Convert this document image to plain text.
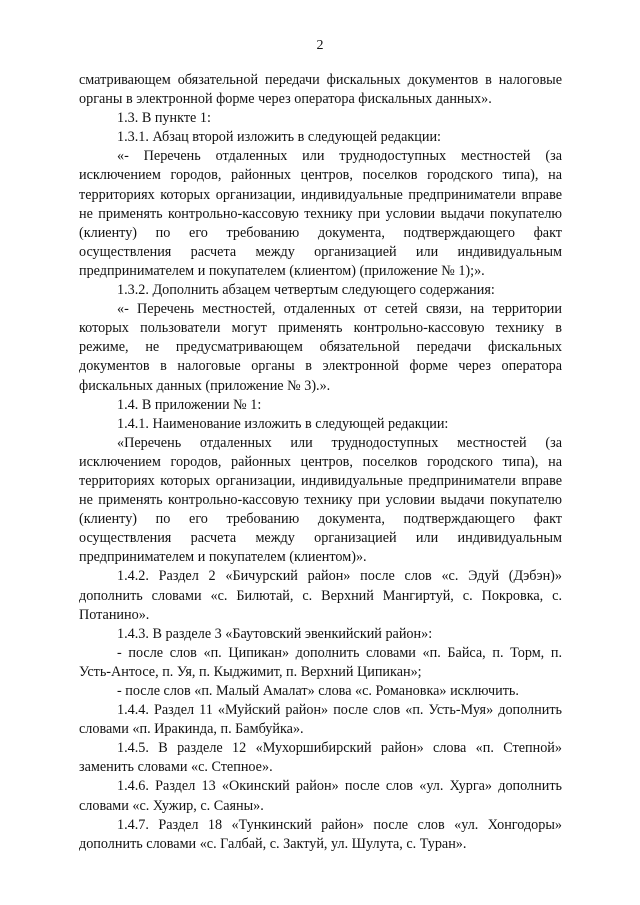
2

сматривающем обязательной передачи фискальных документов в налоговые органы в электронной форме через оператора фискальных данных».

1.3. В пункте 1:

1.3.1. Абзац второй изложить в следующей редакции:

«- Перечень отдаленных или труднодоступных местностей (за исключением городов, районных центров, поселков городского типа), на территориях которых организации, индивидуальные предприниматели вправе не применять контрольно-кассовую технику при условии выдачи покупателю (клиенту) по его требованию документа, подтверждающего факт осуществления расчета между организацией или индивидуальным предпринимателем и покупателем (клиентом) (приложение № 1);».

1.3.2. Дополнить абзацем четвертым следующего содержания:

«- Перечень местностей, отдаленных от сетей связи, на территории которых пользователи могут применять контрольно-кассовую технику в режиме, не предусматривающем обязательной передачи фискальных документов в налоговые органы в электронной форме через оператора фискальных данных (приложение № 3).».

1.4. В приложении № 1:

1.4.1. Наименование изложить в следующей редакции:

«Перечень отдаленных или труднодоступных местностей (за исключением городов, районных центров, поселков городского типа), на территориях которых организации, индивидуальные предприниматели вправе не применять контрольно-кассовую технику при условии выдачи покупателю (клиенту) по его требованию документа, подтверждающего факт осуществления расчета между организацией или индивидуальным предпринимателем и покупателем (клиентом)».

1.4.2. Раздел 2 «Бичурский район» после слов «с. Эдуй (Дэбэн)» дополнить словами «с. Билютай, с. Верхний Мангиртуй, с. Покровка, с. Потанино».

1.4.3. В разделе 3 «Баутовский эвенкийский район»:

- после слов «п. Ципикан» дополнить словами «п. Байса, п. Торм, п. Усть-Антосе, п. Уя, п. Кыджимит, п. Верхний Ципикан»;

- после слов «п. Малый Амалат» слова «с. Романовка» исключить.

1.4.4. Раздел 11 «Муйский район» после слов «п. Усть-Муя» дополнить словами «п. Иракинда, п. Бамбуйка».

1.4.5. В разделе 12 «Мухоршибирский район» слова «п. Степной» заменить словами «с. Степное».

1.4.6. Раздел 13 «Окинский район» после слов «ул. Хурга» дополнить словами «с. Хужир, с. Саяны».

1.4.7. Раздел 18 «Тункинский район» после слов «ул. Хонгодоры» дополнить словами «с. Галбай, с. Зактуй, ул. Шулута, с. Туран».
